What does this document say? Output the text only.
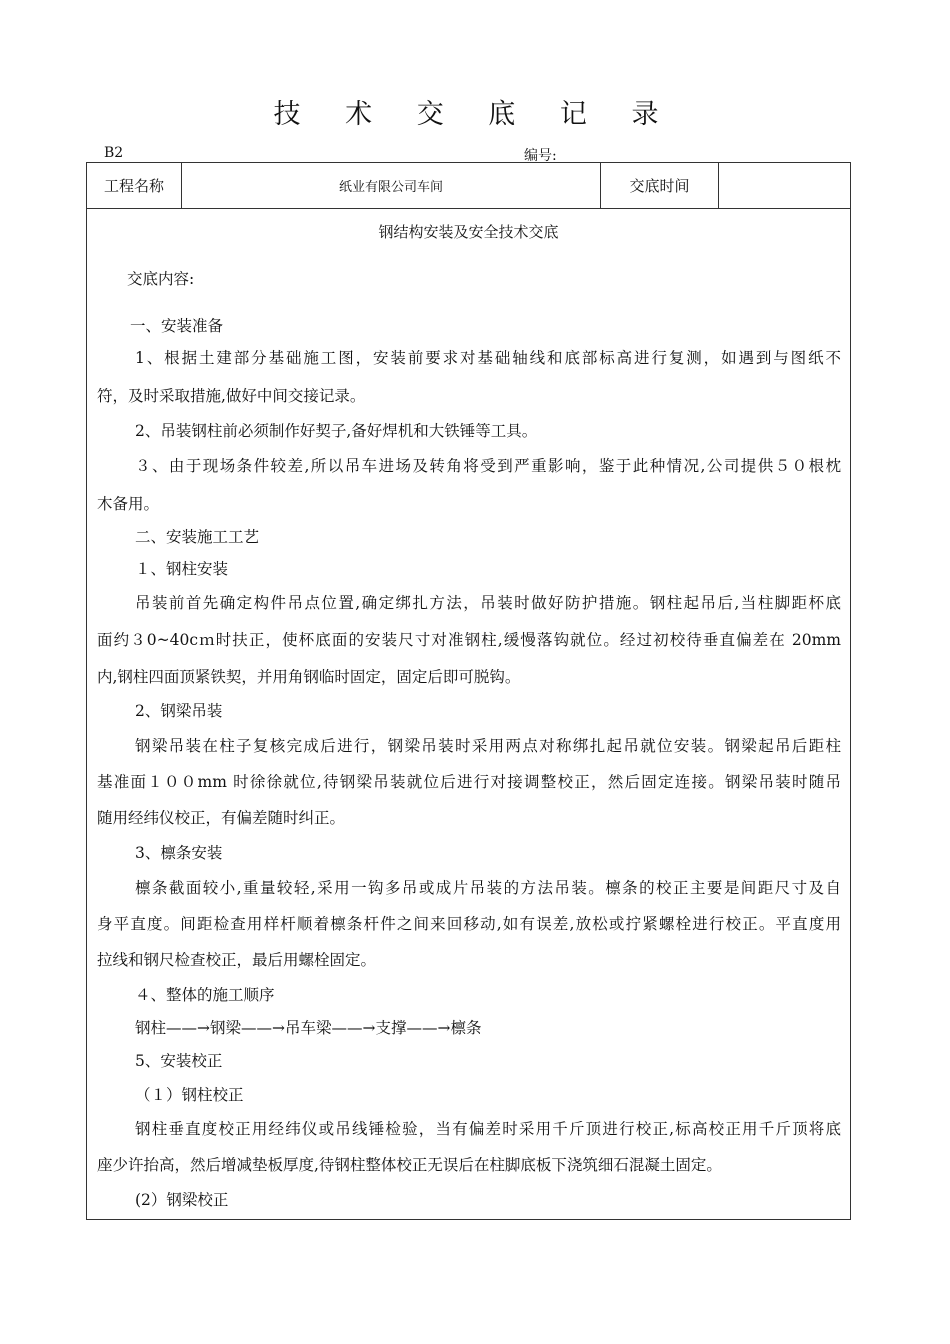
技 术 交 底 记 录
B2	编号:
工程名称	纸业有限公司车间	交底时间
钢结构安装及安全技术交底
交底内容:
一、安装准备
1、根据土建部分基础施工图，安装前要求对基础轴线和底部标高进行复测，如遇到与图纸不
符，及时采取措施,做好中间交接记录。
2、吊装钢柱前必须制作好契子,备好焊机和大铁锤等工具。
３、由于现场条件较差,所以吊车进场及转角将受到严重影响，鉴于此种情况,公司提供５０根枕
木备用。
二、安装施工工艺
１、钢柱安装
吊装前首先确定构件吊点位置,确定绑扎方法，吊装时做好防护措施。钢柱起吊后,当柱脚距杯底
面约３0~40cｍ时扶正，使杯底面的安装尺寸对准钢柱,缓慢落钩就位。经过初校待垂直偏差在 20mm
内,钢柱四面顶紧铁契，并用角钢临时固定，固定后即可脱钩。
2、钢梁吊装
钢梁吊装在柱子复核完成后进行，钢梁吊装时采用两点对称绑扎起吊就位安装。钢梁起吊后距柱
基准面１００mm 时徐徐就位,待钢梁吊装就位后进行对接调整校正，然后固定连接。钢梁吊装时随吊
随用经纬仪校正，有偏差随时纠正。
3、檩条安装
檩条截面较小,重量较轻,采用一钩多吊或成片吊装的方法吊装。檩条的校正主要是间距尺寸及自
身平直度。间距检查用样杆顺着檩条杆件之间来回移动,如有误差,放松或拧紧螺栓进行校正。平直度用
拉线和钢尺检查校正，最后用螺栓固定。
４、整体的施工顺序
钢柱——→钢梁——→吊车梁——→支撑——→檩条
5、安装校正
（１）钢柱校正
钢柱垂直度校正用经纬仪或吊线锤检验，当有偏差时采用千斤顶进行校正,标高校正用千斤顶将底
座少许抬高，然后增减垫板厚度,待钢柱整体校正无误后在柱脚底板下浇筑细石混凝土固定。
(2）钢梁校正
